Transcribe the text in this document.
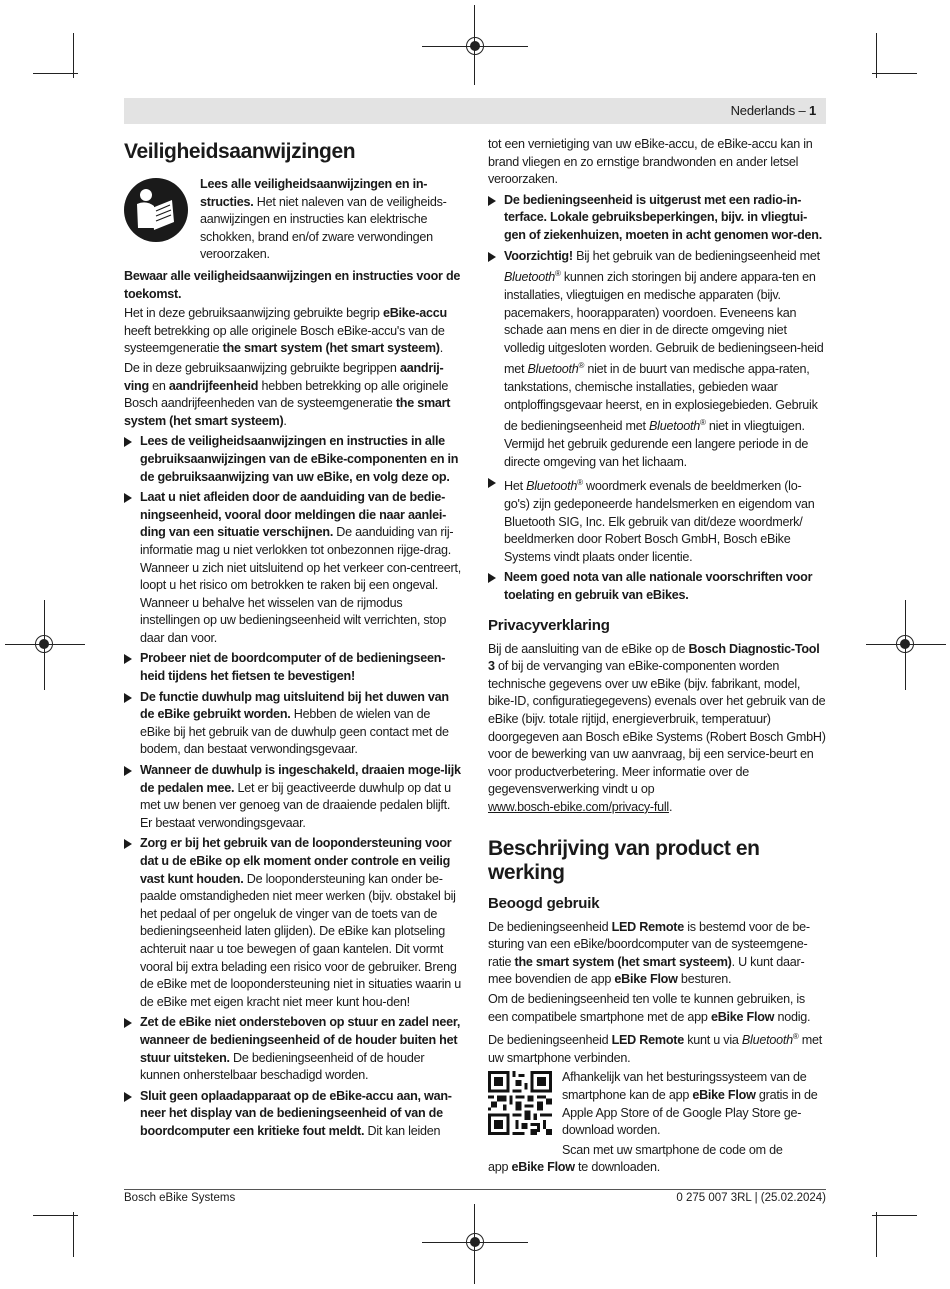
Nederlands – 1
Veiligheidsaanwijzingen

Lees alle veiligheidsaanwijzingen en in-structies. Het niet naleven van de veiligheids-aanwijzingen en instructies kan elektrische schokken, brand en/of zware verwondingen veroorzaken.

Bewaar alle veiligheidsaanwijzingen en instructies voor de toekomst.

Het in deze gebruiksaanwijzing gebruikte begrip eBike-accu heeft betrekking op alle originele Bosch eBike-accu's van de systeemgeneratie the smart system (het smart systeem).

De in deze gebruiksaanwijzing gebruikte begrippen aandrij-ving en aandrijfeenheid hebben betrekking op alle originele Bosch aandrijfeenheden van de systeemgeneratie the smart system (het smart systeem).

Lees de veiligheidsaanwijzingen en instructies in alle gebruiksaanwijzingen van de eBike-componenten en in de gebruiksaanwijzing van uw eBike, en volg deze op.
Laat u niet afleiden door de aanduiding van de bedie-ningseenheid, vooral door meldingen die naar aanlei-ding van een situatie verschijnen. De aanduiding van rij-informatie mag u niet verlokken tot onbezonnen rijge-drag. Wanneer u zich niet uitsluitend op het verkeer con-centreert, loopt u het risico om betrokken te raken bij een ongeval. Wanneer u behalve het wisselen van de rijmodus instellingen op uw bedieningseenheid wilt verrichten, stop daar dan voor.
Probeer niet de boordcomputer of de bedieningseen-heid tijdens het fietsen te bevestigen!
De functie duwhulp mag uitsluitend bij het duwen van de eBike gebruikt worden. Hebben de wielen van de eBike bij het gebruik van de duwhulp geen contact met de bodem, dan bestaat verwondingsgevaar.
Wanneer de duwhulp is ingeschakeld, draaien moge-lijk de pedalen mee. Let er bij geactiveerde duwhulp op dat u met uw benen ver genoeg van de draaiende pedalen blijft. Er bestaat verwondingsgevaar.
Zorg er bij het gebruik van de loopondersteuning voor dat u de eBike op elk moment onder controle en veilig vast kunt houden. De loopondersteuning kan onder be-paalde omstandigheden niet meer werken (bijv. obstakel bij het pedaal of per ongeluk de vinger van de toets van de bedieningseenheid laten glijden). De eBike kan plotseling achteruit naar u toe bewegen of gaan kantelen. Dit vormt vooral bij extra belading een risico voor de gebruiker. Breng de eBike met de loopondersteuning niet in situaties waarin u de eBike met eigen kracht niet meer kunt hou-den!
Zet de eBike niet ondersteboven op stuur en zadel neer, wanneer de bedieningseenheid of de houder buiten het stuur uitsteken. De bedieningseenheid of de houder kunnen onherstelbaar beschadigd worden.
Sluit geen oplaadapparaat op de eBike-accu aan, wan-neer het display van de bedieningseenheid of van de boordcomputer een kritieke fout meldt. Dit kan leiden

tot een vernietiging van uw eBike-accu, de eBike-accu kan in brand vliegen en zo ernstige brandwonden en ander letsel veroorzaken.

De bedieningseenheid is uitgerust met een radio-in-terface. Lokale gebruiksbeperkingen, bijv. in vliegtui-gen of ziekenhuizen, moeten in acht genomen wor-den.
Voorzichtig! Bij het gebruik van de bedieningseenheid met Bluetooth® kunnen zich storingen bij andere appara-ten en installaties, vliegtuigen en medische apparaten (bijv. pacemakers, hoorapparaten) voordoen. Eveneens kan schade aan mens en dier in de directe omgeving niet volledig uitgesloten worden. Gebruik de bedieningseen-heid met Bluetooth® niet in de buurt van medische appa-raten, tankstations, chemische installaties, gebieden waar ontploffingsgevaar heerst, en in explosiegebieden. Gebruik de bedieningseenheid met Bluetooth® niet in vliegtuigen. Vermijd het gebruik gedurende een langere periode in de directe omgeving van het lichaam.
Het Bluetooth® woordmerk evenals de beeldmerken (lo-go's) zijn gedeponeerde handelsmerken en eigendom van Bluetooth SIG, Inc. Elk gebruik van dit/deze woordmerk/ beeldmerken door Robert Bosch GmbH, Bosch eBike Systems vindt plaats onder licentie.
Neem goed nota van alle nationale voorschriften voor toelating en gebruik van eBikes.
Privacyverklaring

Bij de aansluiting van de eBike op de Bosch Diagnostic-Tool 3 of bij de vervanging van eBike-componenten worden technische gegevens over uw eBike (bijv. fabrikant, model, bike-ID, configuratiegegevens) evenals over het gebruik van de eBike (bijv. totale rijtijd, energieverbruik, temperatuur) doorgegeven aan Bosch eBike Systems (Robert Bosch GmbH) voor de bewerking van uw aanvraag, bij een service-beurt en voor productverbetering. Meer informatie over de gegevensverwerking vindt u op
www.bosch-ebike.com/privacy-full.

Beschrijving van product en werking
Beoogd gebruik

De bedieningseenheid LED Remote is bestemd voor de be-sturing van een eBike/boordcomputer van de systeemgene-ratie the smart system (het smart systeem). U kunt daar-mee bovendien de app eBike Flow besturen.

Om de bedieningseenheid ten volle te kunnen gebruiken, is een compatibele smartphone met de app eBike Flow nodig.

De bedieningseenheid LED Remote kunt u via Bluetooth® met uw smartphone verbinden.

Afhankelijk van het besturingssysteem van de smartphone kan de app eBike Flow gratis in de Apple App Store of de Google Play Store ge-download worden.

Scan met uw smartphone de code om de

app eBike Flow te downloaden.

Bosch eBike Systems	0 275 007 3RL | (25.02.2024)
